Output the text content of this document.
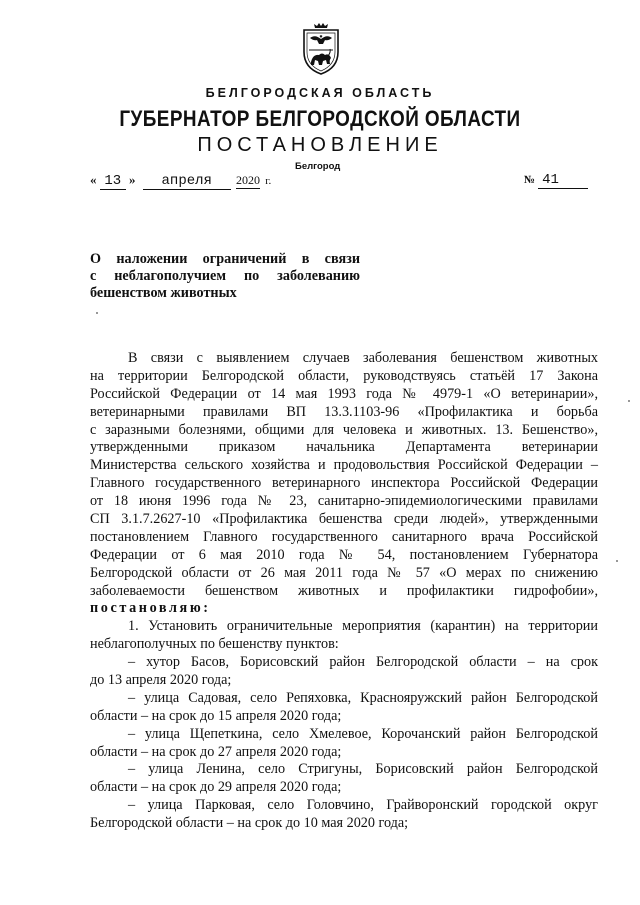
БЕЛГОРОДСКАЯ ОБЛАСТЬ
ГУБЕРНАТОР БЕЛГОРОДСКОЙ ОБЛАСТИ
ПОСТАНОВЛЕНИЕ
Белгород
« 13 » апреля 2020 г.	№ 41
О наложении ограничений в связи
с неблагополучием по заболеванию
бешенством животных
В связи с выявлением случаев заболевания бешенством животных
на территории Белгородской области, руководствуясь статьёй 17 Закона
Российской Федерации от 14 мая 1993 года № 4979-1 «О ветеринарии»,
ветеринарными правилами ВП 13.3.1103-96 «Профилактика и борьба
с заразными болезнями, общими для человека и животных. 13. Бешенство»,
утвержденными приказом начальника Департамента ветеринарии
Министерства сельского хозяйства и продовольствия Российской Федерации –
Главного государственного ветеринарного инспектора Российской Федерации
от 18 июня 1996 года № 23, санитарно-эпидемиологическими правилами
СП 3.1.7.2627-10 «Профилактика бешенства среди людей», утвержденными
постановлением Главного государственного санитарного врача Российской
Федерации от 6 мая 2010 года № 54, постановлением Губернатора
Белгородской области от 26 мая 2011 года № 57 «О мерах по снижению
заболеваемости бешенством животных и профилактики гидрофобии»,
постановляю:
1. Установить ограничительные мероприятия (карантин) на территории
неблагополучных по бешенству пунктов:
– хутор Басов, Борисовский район Белгородской области – на срок
до 13 апреля 2020 года;
– улица Садовая, село Репяховка, Краснояружский район Белгородской
области – на срок до 15 апреля 2020 года;
– улица Щепеткина, село Хмелевое, Корочанский район Белгородской
области – на срок до 27 апреля 2020 года;
– улица Ленина, село Стригуны, Борисовский район Белгородской
области – на срок до 29 апреля 2020 года;
– улица Парковая, село Головчино, Грайворонский городской округ
Белгородской области – на срок до 10 мая 2020 года;
